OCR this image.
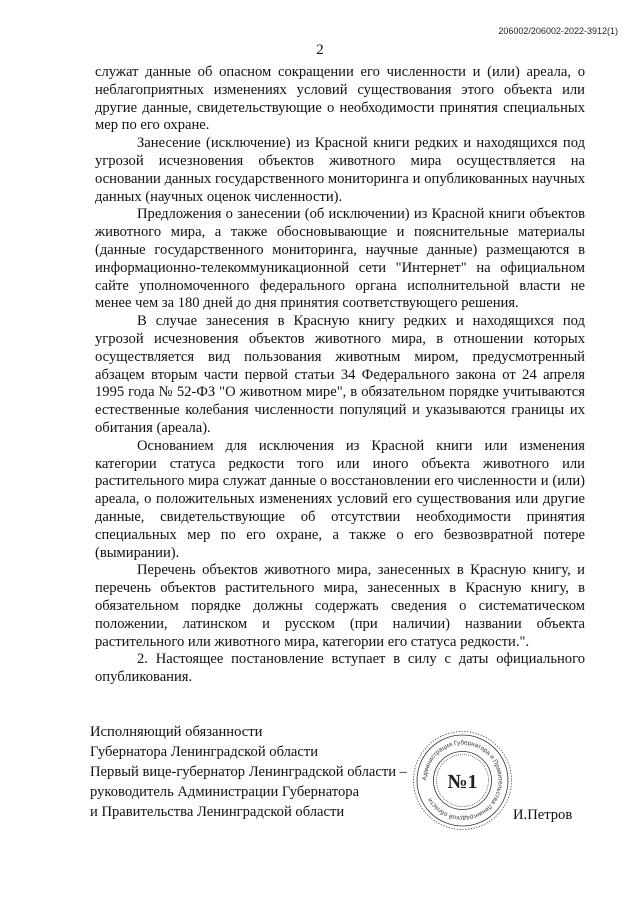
206002/206002-2022-3912(1)
2

служат данные об опасном сокращении его численности и (или) ареала, о неблагоприятных изменениях условий существования этого объекта или другие данные, свидетельствующие о необходимости принятия специальных мер по его охране.

Занесение (исключение) из Красной книги редких и находящихся под угрозой исчезновения объектов животного мира осуществляется на основании данных государственного мониторинга и опубликованных научных данных (научных оценок численности).

Предложения о занесении (об исключении) из Красной книги объектов животного мира, а также обосновывающие и пояснительные материалы (данные государственного мониторинга, научные данные) размещаются в информационно-телекоммуникационной сети "Интернет" на официальном сайте уполномоченного федерального органа исполнительной власти не менее чем за 180 дней до дня принятия соответствующего решения.

В случае занесения в Красную книгу редких и находящихся под угрозой исчезновения объектов животного мира, в отношении которых осуществляется вид пользования животным миром, предусмотренный абзацем вторым части первой статьи 34 Федерального закона от 24 апреля 1995 года № 52-ФЗ "О животном мире", в обязательном порядке учитываются естественные колебания численности популяций и указываются границы их обитания (ареала).

Основанием для исключения из Красной книги или изменения категории статуса редкости того или иного объекта животного или растительного мира служат данные о восстановлении его численности и (или) ареала, о положительных изменениях условий его существования или другие данные, свидетельствующие об отсутствии необходимости принятия специальных мер по его охране, а также о его безвозвратной потере (вымирании).

Перечень объектов животного мира, занесенных в Красную книгу, и перечень объектов растительного мира, занесенных в Красную книгу, в обязательном порядке должны содержать сведения о систематическом положении, латинском и русском (при наличии) названии объекта растительного или животного мира, категории его статуса редкости.".

2. Настоящее постановление вступает в силу с даты официального опубликования.

Исполняющий обязанности
Губернатора Ленинградской области
Первый вице-губернатор Ленинградской области –
руководитель Администрации Губернатора
и Правительства Ленинградской области
Администрация Губернатора и Правительства Ленинградской области
№1
И.Петров
